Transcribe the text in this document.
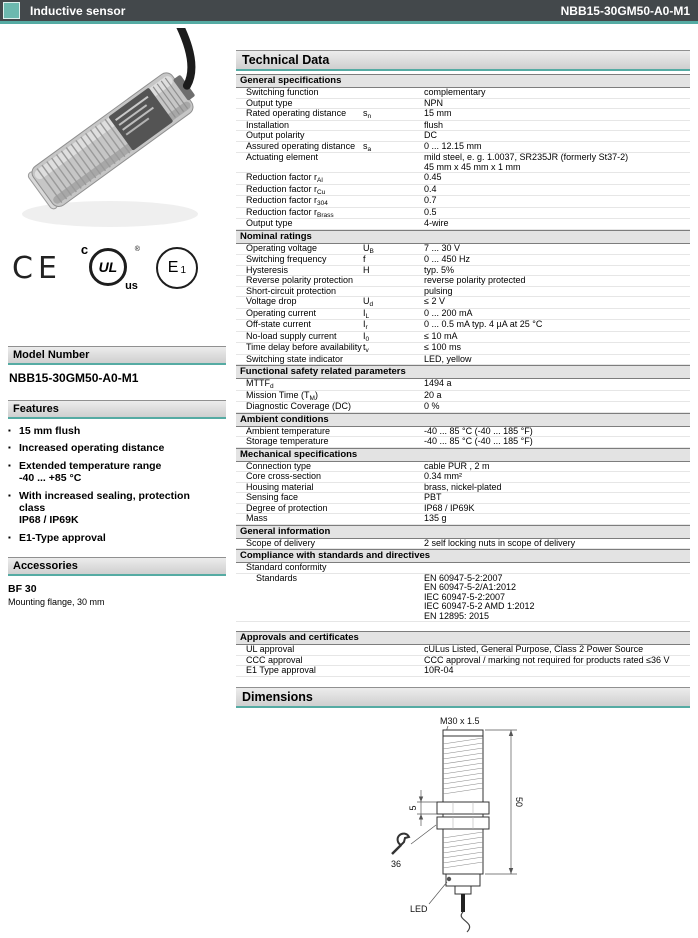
Inductive sensor	NBB15-30GM50-A0-M1
CE
c
UL
us
®
E 1
Model Number
NBB15-30GM50-A0-M1
Features
▪ 15 mm flush
▪ Increased operating distance
▪ Extended temperature range
-40 ... +85 °C
▪ With increased sealing, protection
class
IP68 / IP69K
▪ E1-Type approval
Accessories
BF 30
Mounting flange, 30 mm
Technical Data
General specifications
Switching function	complementary
Output type	NPN
Rated operating distance	$s_n$	15 mm
Installation	flush
Output polarity	DC
Assured operating distance $s_a$	0 ... 12.15 mm
Actuating element	mild steel, e. g. 1.0037, SR235JR (formerly St37-2)
45 mm x 45 mm x 1 mm
Reduction factor $r_{Al}$	0.45
Reduction factor $r_{Cu}$	0.4
Reduction factor $r_{304}$	0.7
Reduction factor $r_{Brass}$	0.5
Output type	4-wire
Nominal ratings
Operating voltage	$U_B$	7 ... 30 V
Switching frequency	f	0 ... 450 Hz
Hysteresis	H	typ. 5%
Reverse polarity protection	reverse polarity protected
Short-circuit protection	pulsing
Voltage drop	$U_d$	≤ 2 V
Operating current	$I_L$	0 ... 200 mA
Off-state current	$I_r$	0 ... 0.5 mA typ. 4 µA at 25 °C
No-load supply current	$I_0$	≤ 10 mA
Time delay before availability $t_v$	≤ 100 ms
Switching state indicator	LED, yellow
Functional safety related parameters
$MTTF_d$	1494 a
Mission Time $(T_M)$	20 a
Diagnostic Coverage (DC)	0 %
Ambient conditions
Ambient temperature	-40 ... 85 °C (-40 ... 185 °F)
Storage temperature	-40 ... 85 °C (-40 ... 185 °F)
Mechanical specifications
Connection type	cable PUR , 2 m
Core cross-section	0.34 mm²
Housing material	brass, nickel-plated
Sensing face	PBT
Degree of protection	IP68 / IP69K
Mass	135 g
General information
Scope of delivery	2 self locking nuts in scope of delivery
Compliance with standards and directives
Standard conformity
Standards	EN 60947-5-2:2007
EN 60947-5-2/A1:2012
IEC 60947-5-2:2007
IEC 60947-5-2 AMD 1:2012
EN 12895: 2015
Approvals and certificates
UL approval	cULus Listed, General Purpose, Class 2 Power Source
CCC approval	CCC approval / marking not required for products rated ≤36 V
E1 Type approval	10R-04
Dimensions
M30 x 1.5
LED
50
5
36
